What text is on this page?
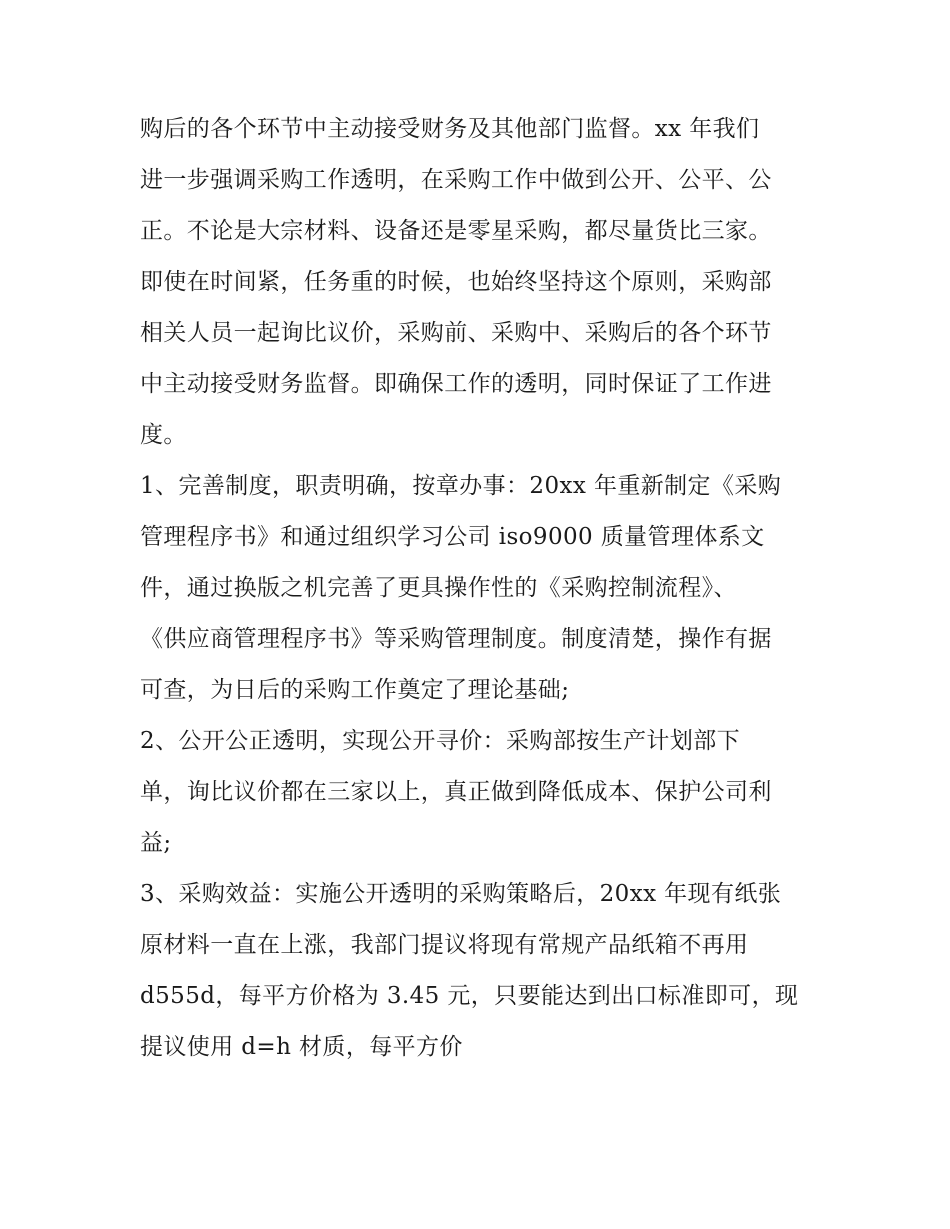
购后的各个环节中主动接受财务及其他部门监督。xx 年我们
进一步强调采购工作透明，在采购工作中做到公开、公平、公
正。不论是大宗材料、设备还是零星采购，都尽量货比三家。
即使在时间紧，任务重的时候，也始终坚持这个原则，采购部
相关人员一起询比议价，采购前、采购中、采购后的各个环节
中主动接受财务监督。即确保工作的透明，同时保证了工作进
度。
1、完善制度，职责明确，按章办事：20xx 年重新制定《采购
管理程序书》和通过组织学习公司 iso9000 质量管理体系文
件，通过换版之机完善了更具操作性的《采购控制流程》、
《供应商管理程序书》等采购管理制度。制度清楚，操作有据
可查，为日后的采购工作奠定了理论基础;
2、公开公正透明，实现公开寻价：采购部按生产计划部下
单，询比议价都在三家以上，真正做到降低成本、保护公司利
益;
3、采购效益：实施公开透明的采购策略后，20xx 年现有纸张
原材料一直在上涨，我部门提议将现有常规产品纸箱不再用
d555d，每平方价格为 3.45 元，只要能达到出口标准即可，现
提议使用 d=h 材质，每平方价
